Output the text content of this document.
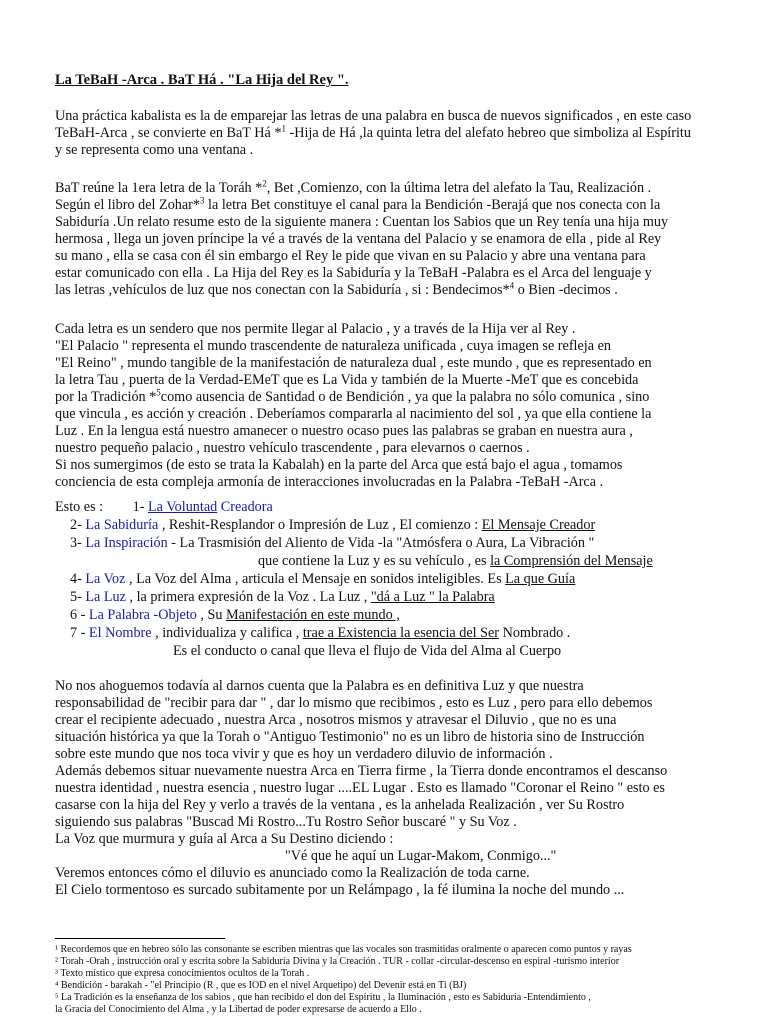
La TeBaH -Arca . BaT Há . "La Hija del Rey ".
Una práctica kabalista es la de emparejar las letras de una palabra en busca de nuevos significados , en este caso
TeBaH-Arca , se convierte en BaT Há *$^1$ -Hija de Há ,la quinta letra del alefato hebreo que simboliza al Espíritu
y se representa como una ventana .
BaT reúne la 1era letra de la Toráh *$^2$, Bet ,Comienzo, con la última letra del alefato la Tau, Realización .
Según el libro del Zohar*$^3$ la letra Bet constituye el canal para la Bendición -Berajá que nos conecta con la
Sabiduría .Un relato resume esto de la siguiente manera : Cuentan los Sabios que un Rey tenía una hija muy
hermosa , llega un joven príncipe la vé a través de la ventana del Palacio y se enamora de ella , pide al Rey
su mano , ella se casa con él sin embargo el Rey le pide que vivan en su Palacio y abre una ventana para
estar comunicado con ella . La Hija del Rey es la Sabiduría y la TeBaH -Palabra es el Arca del lenguaje y
las letras ,vehículos de luz que nos conectan con la Sabiduría , si : Bendecimos*$^4$ o Bien -decimos .
Cada letra es un sendero que nos permite llegar al Palacio , y a través de la Hija ver al Rey .
"El Palacio " representa el mundo trascendente de naturaleza unificada , cuya imagen se refleja en
"El Reino" , mundo tangible de la manifestación de naturaleza dual , este mundo , que es representado en
la letra Tau , puerta de la Verdad-EMeT que es La Vida y también de la Muerte -MeT que es concebida
por la Tradición *$^5$como ausencia de Santidad o de Bendición , ya que la palabra no sólo comunica , sino
que vincula , es acción y creación . Deberíamos compararla al nacimiento del sol , ya que ella contiene la
Luz . En la lengua está nuestro amanecer o nuestro ocaso pues las palabras se graban en nuestra aura ,
nuestro pequeño palacio , nuestro vehículo trascendente , para elevarnos o caernos .
Si nos sumergimos (de esto se trata la Kabalah) en la parte del Arca que está bajo el agua , tomamos
conciencia de esta compleja armonía de interacciones involucradas en la Palabra -TeBaH -Arca .
Esto es : 1- La Voluntad Creadora
2- La Sabiduría , Reshit-Resplandor o Impresión de Luz , El comienzo : El Mensaje Creador
3- La Inspiración - La Trasmisión del Aliento de Vida -la "Atmósfera o Aura, La Vibración "
que contiene la Luz y es su vehículo , es la Comprensión del Mensaje
4- La Voz , La Voz del Alma , articula el Mensaje en sonidos inteligibles. Es La que Guía
5- La Luz , la primera expresión de la Voz . La Luz , "dá a Luz " la Palabra
6 - La Palabra -Objeto , Su Manifestación en este mundo ,
7 - El Nombre , individualiza y califica , trae a Existencia la esencia del Ser Nombrado .
Es el conducto o canal que lleva el flujo de Vida del Alma al Cuerpo
No nos ahoguemos todavía al darnos cuenta que la Palabra es en definitiva Luz y que nuestra
responsabilidad de "recibir para dar " , dar lo mismo que recibimos , esto es Luz , pero para ello debemos
crear el recipiente adecuado , nuestra Arca , nosotros mismos y atravesar el Diluvio , que no es una
situación histórica ya que la Torah o "Antiguo Testimonio" no es un libro de historia sino de Instrucción
sobre este mundo que nos toca vivir y que es hoy un verdadero diluvio de información .
Además debemos situar nuevamente nuestra Arca en Tierra firme , la Tierra donde encontramos el descanso
nuestra identidad , nuestra esencia , nuestro lugar ....EL Lugar . Esto es llamado "Coronar el Reino " esto es
casarse con la hija del Rey y verlo a través de la ventana , es la anhelada Realización , ver Su Rostro
siguiendo sus palabras "Buscad Mi Rostro...Tu Rostro Señor buscaré " y Su Voz .
La Voz que murmura y guía al Arca a Su Destino diciendo :
"Vé que he aquí un Lugar-Makom, Conmigo..."
Veremos entonces cómo el diluvio es anunciado como la Realización de toda carne.
El Cielo tormentoso es surcado subitamente por un Relámpago , la fé ilumina la noche del mundo ...
¹ Recordemos que en hebreo sólo las consonante se escriben mientras que las vocales son trasmitidas oralmente o aparecen como puntos y rayas
² Torah -Orah , instrucción oral y escrita sobre la Sabiduría Divina y la Creación . TUR - collar -circular-descenso en espiral -turismo interior
³ Texto místico que expresa conocimientos ocultos de la Torah .
⁴ Bendición - barakah - "el Principio (R , que es IOD en el nivel Arquetipo) del Devenir está en Ti (BJ)
⁵ La Tradición es la enseñanza de los sabios , que han recibido el don del Espíritu , la Iluminación , esto es Sabiduría -Entendimiento ,
la Gracia del Conocimiento del Alma , y la Libertad de poder expresarse de acuerdo a Ello .
